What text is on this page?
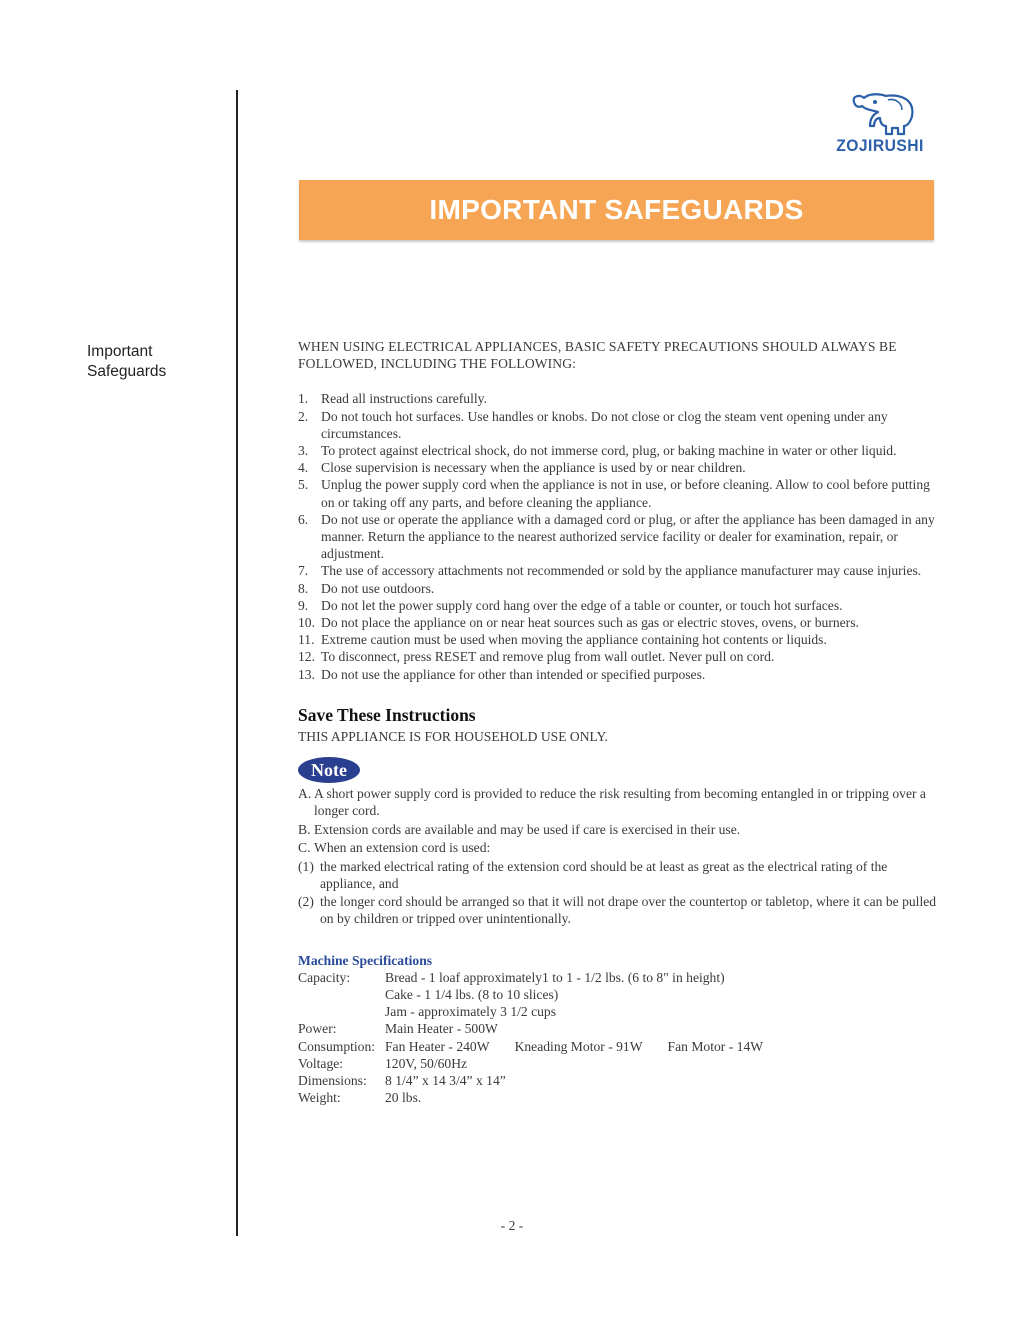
Important
Safeguards
ZOJIRUSHI
IMPORTANT SAFEGUARDS

WHEN USING ELECTRICAL APPLIANCES, BASIC SAFETY PRECAUTIONS SHOULD ALWAYS BE FOLLOWED, INCLUDING THE FOLLOWING:

1. Read all instructions carefully.
2. Do not touch hot surfaces. Use handles or knobs. Do not close or clog the steam vent opening under any circumstances.
3. To protect against electrical shock, do not immerse cord, plug, or baking machine in water or other liquid.
4. Close supervision is necessary when the appliance is used by or near children.
5. Unplug the power supply cord when the appliance is not in use, or before cleaning. Allow to cool before putting on or taking off any parts, and before cleaning the appliance.
6. Do not use or operate the appliance with a damaged cord or plug, or after the appliance has been damaged in any manner. Return the appliance to the nearest authorized service facility or dealer for examination, repair, or adjustment.
7. The use of accessory attachments not recommended or sold by the appliance manufacturer may cause injuries.
8. Do not use outdoors.
9. Do not let the power supply cord hang over the edge of a table or counter, or touch hot surfaces.
10. Do not place the appliance on or near heat sources such as gas or electric stoves, ovens, or burners.
11. Extreme caution must be used when moving the appliance containing hot contents or liquids.
12. To disconnect, press RESET and remove plug from wall outlet. Never pull on cord.
13. Do not use the appliance for other than intended or specified purposes.
Save These Instructions
THIS APPLIANCE IS FOR HOUSEHOLD USE ONLY.
Note
A. A short power supply cord is provided to reduce the risk resulting from becoming entangled in or tripping over a longer cord.
B. Extension cords are available and may be used if care is exercised in their use.
C. When an extension cord is used:
(1) the marked electrical rating of the extension cord should be at least as great as the electrical rating of the appliance, and
(2) the longer cord should be arranged so that it will not drape over the countertop or tabletop, where it can be pulled on by children or tripped over unintentionally.
Machine Specifications
Capacity:	Bread - 1 loaf approximately1 to 1 - 1/2 lbs. (6 to 8" in height)
	Cake - 1 1/4 lbs. (8 to 10 slices)
	Jam - approximately 3 1/2 cups
Power:	Main Heater - 500W
Consumption:	Fan Heater - 240W Kneading Motor - 91W Fan Motor - 14W
Voltage:	120V, 50/60Hz
Dimensions:	8 1/4” x 14 3/4” x 14”
Weight:	20 lbs.
- 2 -
